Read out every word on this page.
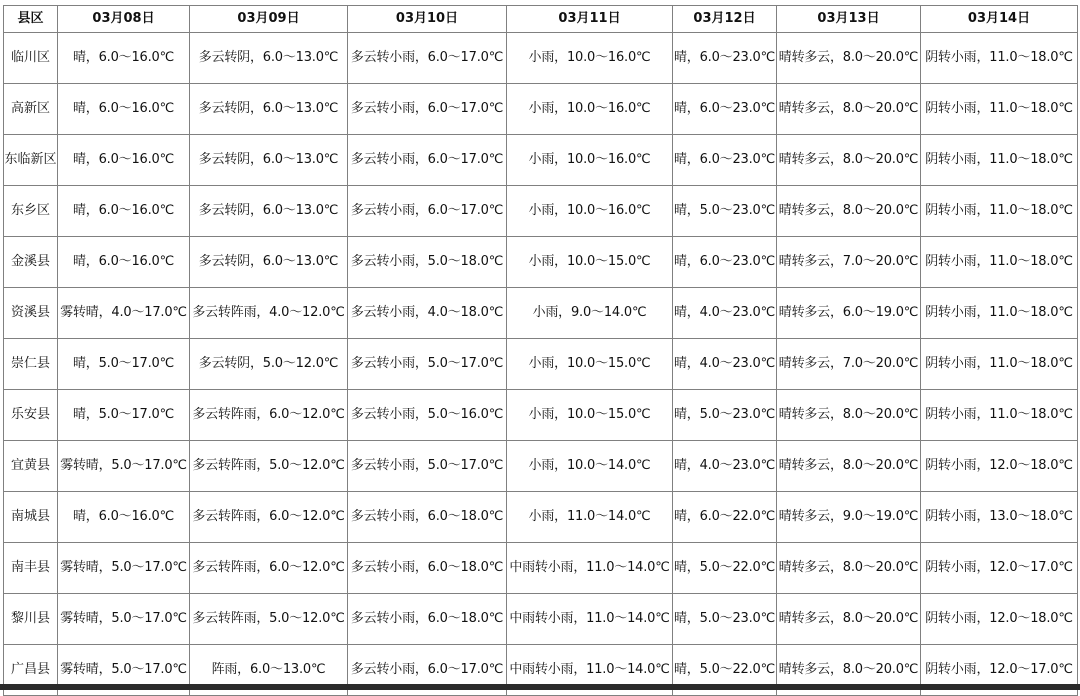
县区	03月08日	03月09日	03月10日	03月11日	03月12日	03月13日	03月14日
临川区	晴，6.0～16.0℃	多云转阴，6.0～13.0℃	多云转小雨，6.0～17.0℃	小雨，10.0～16.0℃	晴，6.0～23.0℃	晴转多云，8.0～20.0℃	阴转小雨，11.0～18.0℃
高新区	晴，6.0～16.0℃	多云转阴，6.0～13.0℃	多云转小雨，6.0～17.0℃	小雨，10.0～16.0℃	晴，6.0～23.0℃	晴转多云，8.0～20.0℃	阴转小雨，11.0～18.0℃
东临新区	晴，6.0～16.0℃	多云转阴，6.0～13.0℃	多云转小雨，6.0～17.0℃	小雨，10.0～16.0℃	晴，6.0～23.0℃	晴转多云，8.0～20.0℃	阴转小雨，11.0～18.0℃
东乡区	晴，6.0～16.0℃	多云转阴，6.0～13.0℃	多云转小雨，6.0～17.0℃	小雨，10.0～16.0℃	晴，5.0～23.0℃	晴转多云，8.0～20.0℃	阴转小雨，11.0～18.0℃
金溪县	晴，6.0～16.0℃	多云转阴，6.0～13.0℃	多云转小雨，5.0～18.0℃	小雨，10.0～15.0℃	晴，6.0～23.0℃	晴转多云，7.0～20.0℃	阴转小雨，11.0～18.0℃
资溪县	雾转晴，4.0～17.0℃	多云转阵雨，4.0～12.0℃	多云转小雨，4.0～18.0℃	小雨，9.0～14.0℃	晴，4.0～23.0℃	晴转多云，6.0～19.0℃	阴转小雨，11.0～18.0℃
崇仁县	晴，5.0～17.0℃	多云转阴，5.0～12.0℃	多云转小雨，5.0～17.0℃	小雨，10.0～15.0℃	晴，4.0～23.0℃	晴转多云，7.0～20.0℃	阴转小雨，11.0～18.0℃
乐安县	晴，5.0～17.0℃	多云转阵雨，6.0～12.0℃	多云转小雨，5.0～16.0℃	小雨，10.0～15.0℃	晴，5.0～23.0℃	晴转多云，8.0～20.0℃	阴转小雨，11.0～18.0℃
宜黄县	雾转晴，5.0～17.0℃	多云转阵雨，5.0～12.0℃	多云转小雨，5.0～17.0℃	小雨，10.0～14.0℃	晴，4.0～23.0℃	晴转多云，8.0～20.0℃	阴转小雨，12.0～18.0℃
南城县	晴，6.0～16.0℃	多云转阵雨，6.0～12.0℃	多云转小雨，6.0～18.0℃	小雨，11.0～14.0℃	晴，6.0～22.0℃	晴转多云，9.0～19.0℃	阴转小雨，13.0～18.0℃
南丰县	雾转晴，5.0～17.0℃	多云转阵雨，6.0～12.0℃	多云转小雨，6.0～18.0℃	中雨转小雨，11.0～14.0℃	晴，5.0～22.0℃	晴转多云，8.0～20.0℃	阴转小雨，12.0～17.0℃
黎川县	雾转晴，5.0～17.0℃	多云转阵雨，5.0～12.0℃	多云转小雨，6.0～18.0℃	中雨转小雨，11.0～14.0℃	晴，5.0～23.0℃	晴转多云，8.0～20.0℃	阴转小雨，12.0～18.0℃
广昌县	雾转晴，5.0～17.0℃	阵雨，6.0～13.0℃	多云转小雨，6.0～17.0℃	中雨转小雨，11.0～14.0℃	晴，5.0～22.0℃	晴转多云，8.0～20.0℃	阴转小雨，12.0～17.0℃
